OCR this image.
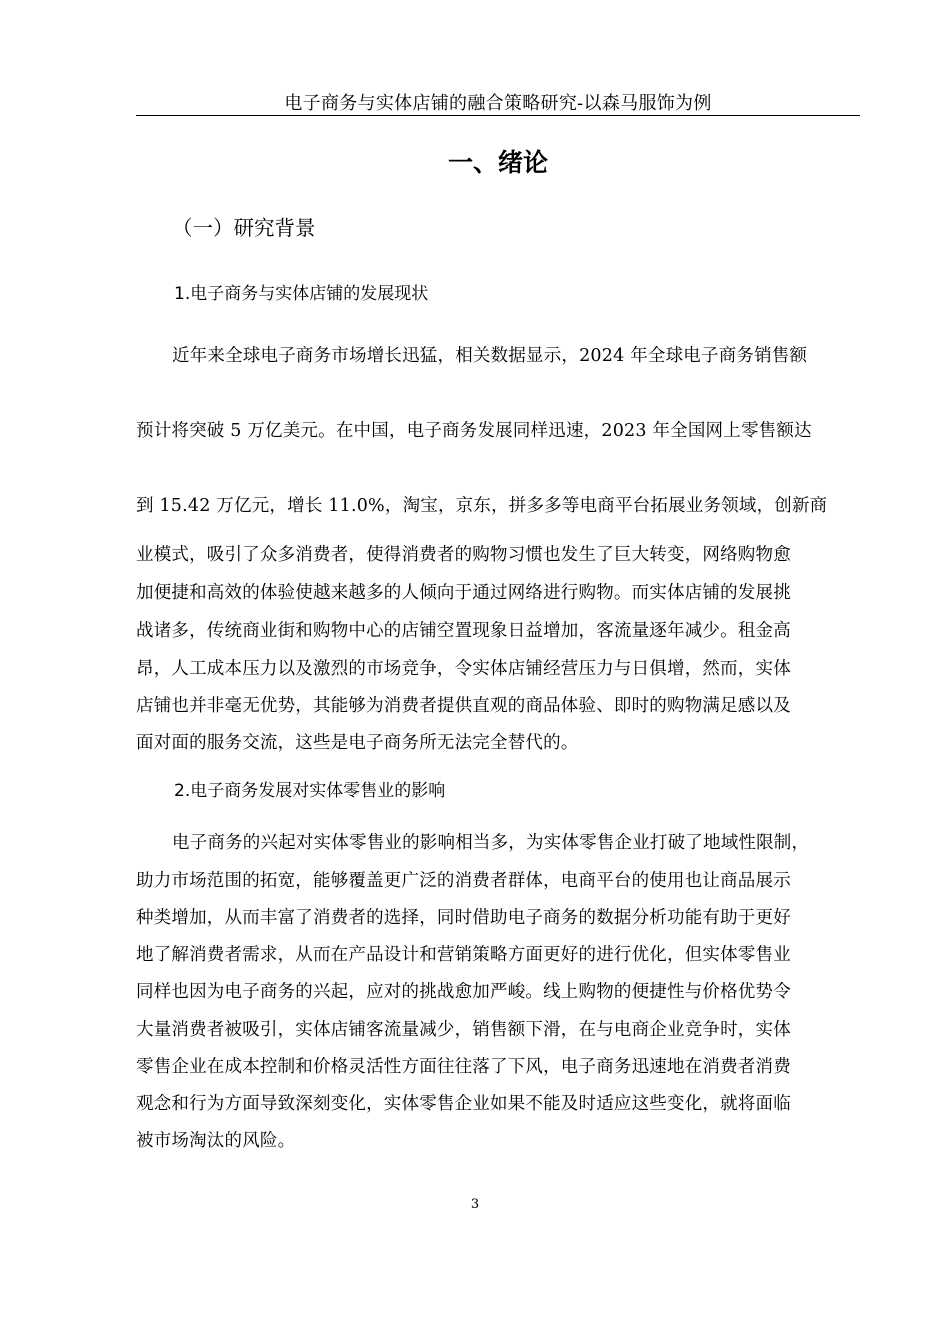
电子商务与实体店铺的融合策略研究-以森马服饰为例
一、绪论
（一）研究背景
1.电子商务与实体店铺的发展现状
近年来全球电子商务市场增长迅猛，相关数据显示，2024 年全球电子商务销售额
预计将突破 5 万亿美元。在中国，电子商务发展同样迅速，2023 年全国网上零售额达
到 15.42 万亿元，增长 11.0%，淘宝，京东，拼多多等电商平台拓展业务领域，创新商
业模式，吸引了众多消费者，使得消费者的购物习惯也发生了巨大转变，网络购物愈
加便捷和高效的体验使越来越多的人倾向于通过网络进行购物。而实体店铺的发展挑
战诸多，传统商业街和购物中心的店铺空置现象日益增加，客流量逐年减少。租金高
昂，人工成本压力以及激烈的市场竞争，令实体店铺经营压力与日俱增，然而，实体
店铺也并非毫无优势，其能够为消费者提供直观的商品体验、即时的购物满足感以及
面对面的服务交流，这些是电子商务所无法完全替代的。
2.电子商务发展对实体零售业的影响
电子商务的兴起对实体零售业的影响相当多，为实体零售企业打破了地域性限制，
助力市场范围的拓宽，能够覆盖更广泛的消费者群体，电商平台的使用也让商品展示
种类增加，从而丰富了消费者的选择，同时借助电子商务的数据分析功能有助于更好
地了解消费者需求，从而在产品设计和营销策略方面更好的进行优化，但实体零售业
同样也因为电子商务的兴起，应对的挑战愈加严峻。线上购物的便捷性与价格优势令
大量消费者被吸引，实体店铺客流量减少，销售额下滑，在与电商企业竞争时，实体
零售企业在成本控制和价格灵活性方面往往落了下风，电子商务迅速地在消费者消费
观念和行为方面导致深刻变化，实体零售企业如果不能及时适应这些变化，就将面临
被市场淘汰的风险。
3
